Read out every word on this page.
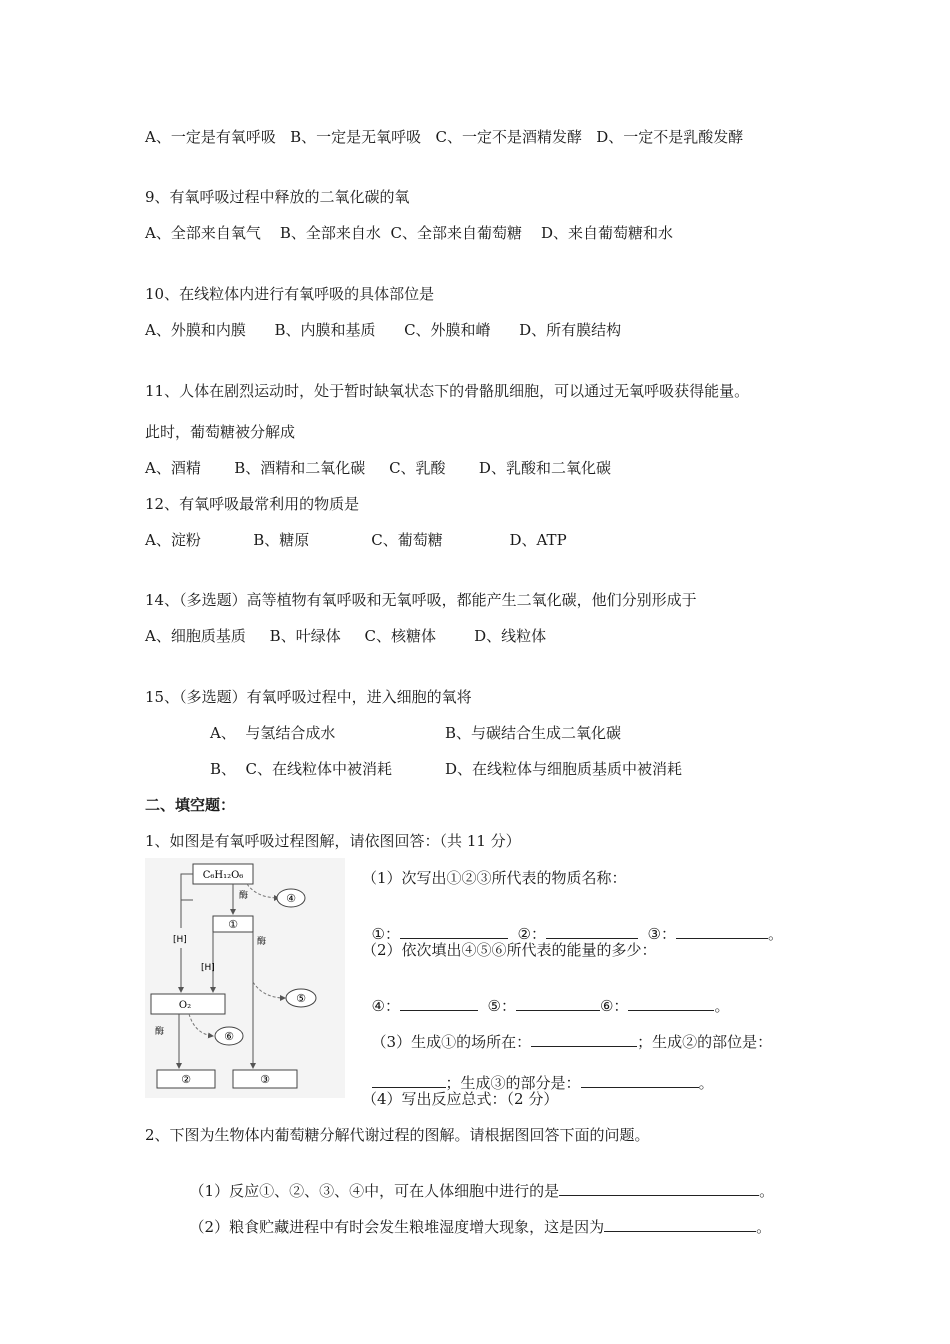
A、一定是有氧呼吸   B、一定是无氧呼吸   C、一定不是酒精发酵   D、一定不是乳酸发酵
9、有氧呼吸过程中释放的二氧化碳的氧
A、全部来自氧气    B、全部来自水  C、全部来自葡萄糖    D、来自葡萄糖和水
10、在线粒体内进行有氧呼吸的具体部位是
A、外膜和内膜      B、内膜和基质      C、外膜和嵴      D、所有膜结构
11、人体在剧烈运动时，处于暂时缺氧状态下的骨骼肌细胞，可以通过无氧呼吸获得能量。
此时，葡萄糖被分解成
A、酒精       B、酒精和二氧化碳     C、乳酸       D、乳酸和二氧化碳
12、有氧呼吸最常利用的物质是
A、淀粉           B、糖原             C、葡萄糖              D、ATP
14、（多选题）高等植物有氧呼吸和无氧呼吸，都能产生二氧化碳，他们分别形成于
A、细胞质基质     B、叶绿体     C、核糖体        D、线粒体
15、（多选题）有氧呼吸过程中，进入细胞的氧将
A、  与氢结合成水	B、与碳结合生成二氧化碳
B、  C、在线粒体中被消耗	D、在线粒体与细胞质基质中被消耗
二、填空题：
1、如图是有氧呼吸过程图解，请依图回答：（共 11 分）
C₆H₁₂O₆
④
酶
①
酶
[H]
[H]
⑤
O₂
酶	⑥
②	③
（1）次写出①②③所代表的物质名称：

①：	②：	③：	。

（2）依次填出④⑤⑥所代表的能量的多少：

④：	⑤：	⑥：	。

（3）生成①的场所在：	；生成②的部位是：

；生成③的部分是：	。

（4）写出反应总式：（2 分）
2、下图为生物体内葡萄糖分解代谢过程的图解。请根据图回答下面的问题。

（1）反应①、②、③、④中，可在人体细胞中进行的是	。

（2）粮食贮藏进程中有时会发生粮堆湿度增大现象，这是因为	。
